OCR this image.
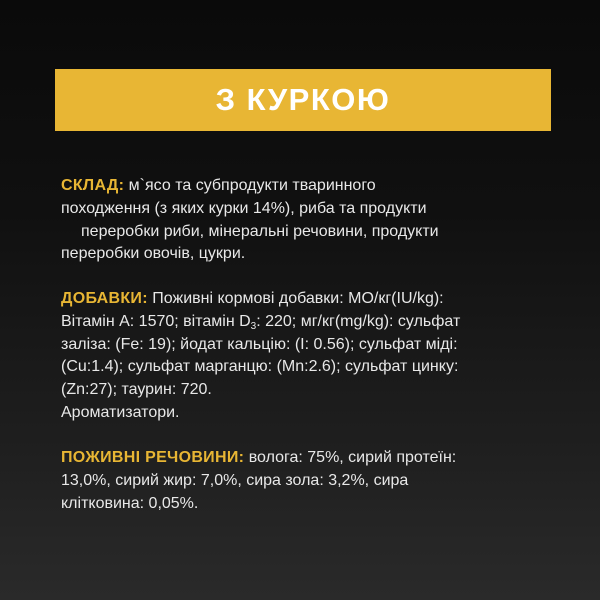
З КУРКОЮ
СКЛАД: м`ясо та субпродукти тваринного
походження (з яких курки 14%), риба та продукти
переробки риби, мінеральні речовини, продукти
переробки овочів, цукри.
ДОБАВКИ: Поживні кормові добавки: МО/кг(IU/kg):
Вітамін А: 1570; вітамін $D_3$: 220; мг/кг(mg/kg): сульфат
заліза: (Fe: 19); йодат кальцію: (I: 0.56); сульфат міді:
(Cu:1.4); сульфат марганцю: (Mn:2.6); сульфат цинку:
(Zn:27); таурин: 720.
Ароматизатори.
ПОЖИВНІ РЕЧОВИНИ: волога: 75%, сирий протеїн:
13,0%, сирий жир: 7,0%, сира зола: 3,2%, сира
клітковина: 0,05%.
